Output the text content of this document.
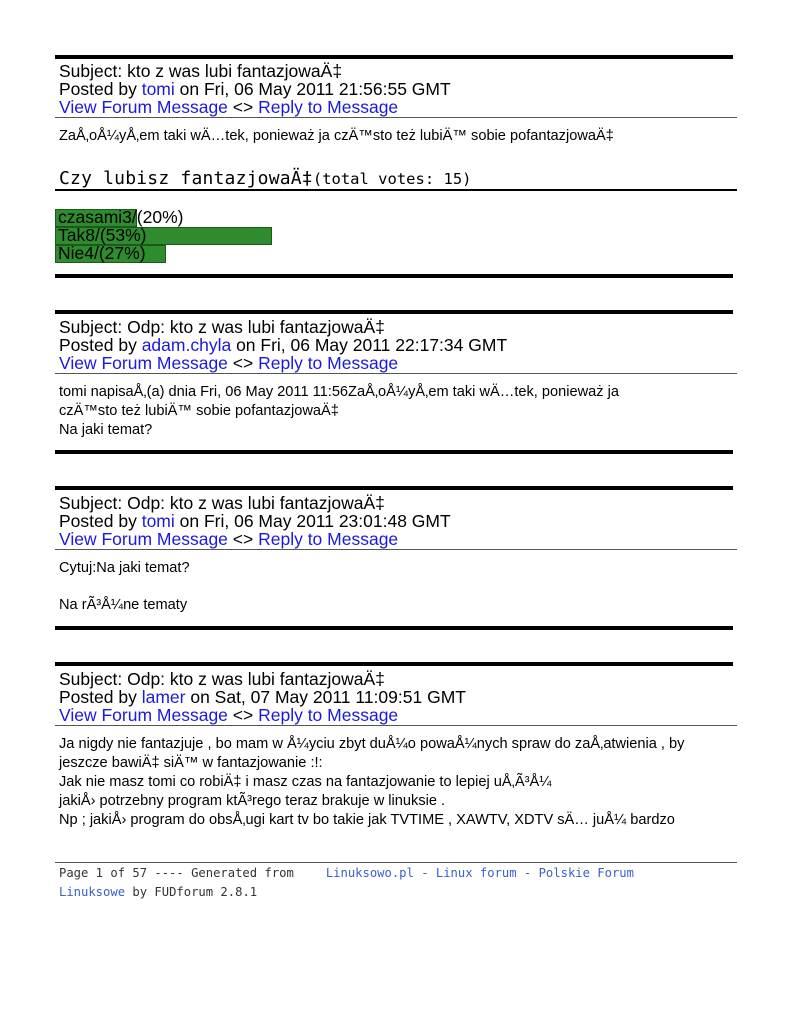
Subject: kto z was lubi fantazjowaÄ‡
Posted by tomi on Fri, 06 May 2011 21:56:55 GMT
View Forum Message <> Reply to Message
ZaÅ‚oÅ¼yÅ‚em taki wÄ…tek, ponieważ ja czÄ™sto też lubiÄ™ sobie pofantazjowaÄ‡
Czy lubisz fantazjowaÄ‡(total votes: 15)
czasami3/(20%)
Tak8/(53%)
Nie4/(27%)
Subject: Odp: kto z was lubi fantazjowaÄ‡
Posted by adam.chyla on Fri, 06 May 2011 22:17:34 GMT
View Forum Message <> Reply to Message
tomi napisaÅ‚(a) dnia Fri, 06 May 2011 11:56ZaÅ‚oÅ¼yÅ‚em taki wÄ…tek, ponieważ ja
czÄ™sto też lubiÄ™ sobie pofantazjowaÄ‡
Na jaki temat?
Subject: Odp: kto z was lubi fantazjowaÄ‡
Posted by tomi on Fri, 06 May 2011 23:01:48 GMT
View Forum Message <> Reply to Message
Cytuj:Na jaki temat?
Na rÃ³Å¼ne tematy
Subject: Odp: kto z was lubi fantazjowaÄ‡
Posted by lamer on Sat, 07 May 2011 11:09:51 GMT
View Forum Message <> Reply to Message
Ja nigdy nie fantazjuje , bo mam w Å¼yciu zbyt duÅ¼o powaÅ¼nych spraw do zaÅ‚atwienia , by
jeszcze bawiÄ‡ siÄ™ w fantazjowanie :!:
Jak nie masz tomi co robiÄ‡ i masz czas na fantazjowanie to lepiej uÅ‚Ã³Å¼
jakiÅ› potrzebny program ktÃ³rego teraz brakuje w linuksie .
Np ; jakiÅ› program do obsÅ‚ugi kart tv bo takie jak TVTIME , XAWTV, XDTV sÄ… juÅ¼ bardzo
Page 1 of 57 ---- Generated from	Linuksowo.pl - Linux forum - Polskie Forum
Linuksowe by FUDforum 2.8.1
